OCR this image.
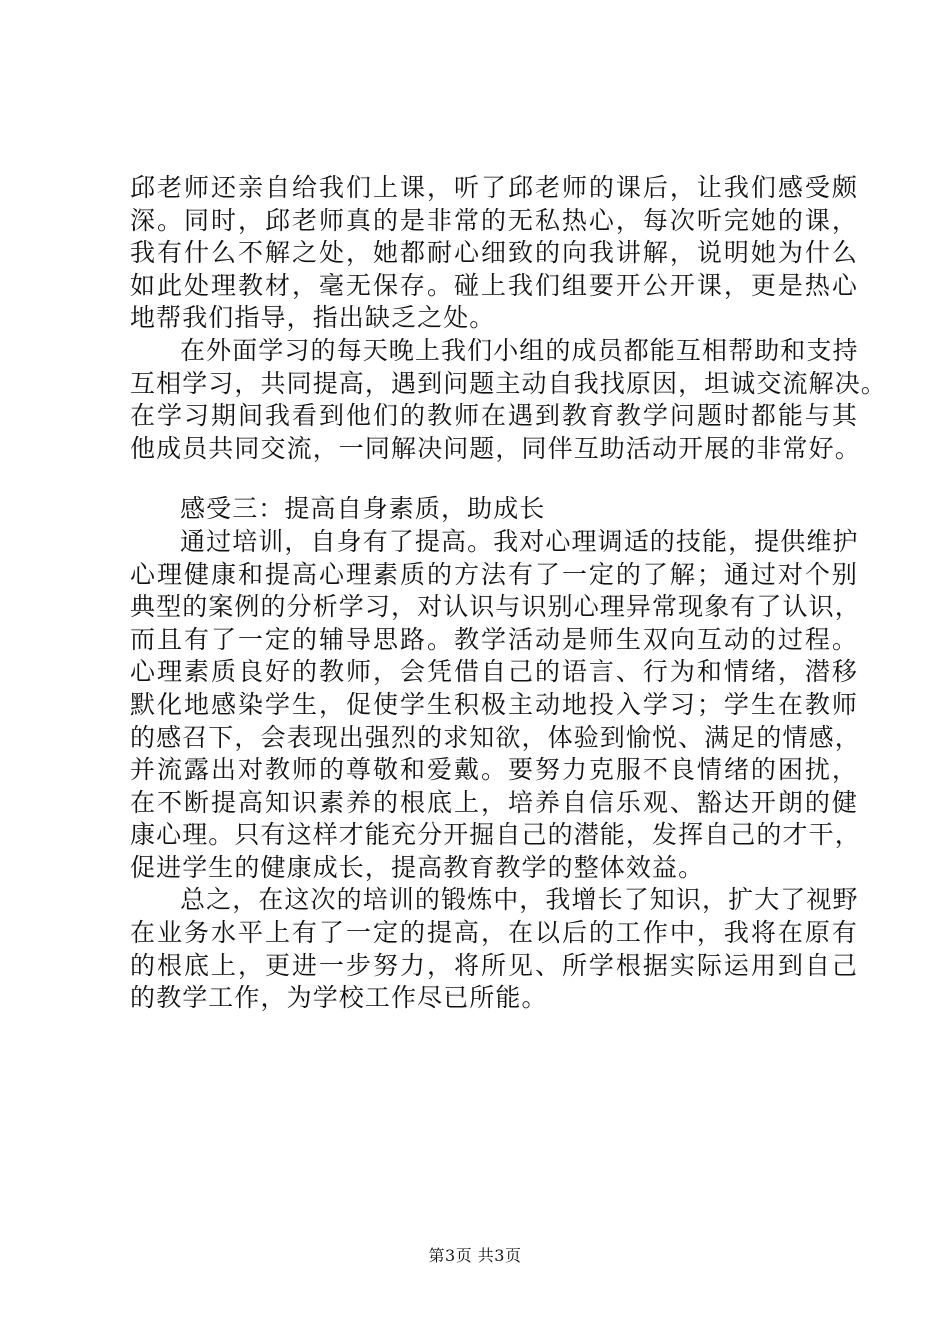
邱老师还亲自给我们上课，听了邱老师的课后，让我们感受颇
深。同时，邱老师真的是非常的无私热心，每次听完她的课，
我有什么不解之处，她都耐心细致的向我讲解，说明她为什么
如此处理教材，毫无保存。碰上我们组要开公开课，更是热心
地帮我们指导，指出缺乏之处。
在外面学习的每天晚上我们小组的成员都能互相帮助和支持
互相学习，共同提高，遇到问题主动自我找原因，坦诚交流解决。
在学习期间我看到他们的教师在遇到教育教学问题时都能与其
他成员共同交流，一同解决问题，同伴互助活动开展的非常好。
感受三：提高自身素质，助成长
通过培训，自身有了提高。我对心理调适的技能，提供维护
心理健康和提高心理素质的方法有了一定的了解；通过对个别
典型的案例的分析学习，对认识与识别心理异常现象有了认识，
而且有了一定的辅导思路。教学活动是师生双向互动的过程。
心理素质良好的教师，会凭借自己的语言、行为和情绪，潜移
默化地感染学生，促使学生积极主动地投入学习；学生在教师
的感召下，会表现出强烈的求知欲，体验到愉悦、满足的情感，
并流露出对教师的尊敬和爱戴。要努力克服不良情绪的困扰，
在不断提高知识素养的根底上，培养自信乐观、豁达开朗的健
康心理。只有这样才能充分开掘自己的潜能，发挥自己的才干，
促进学生的健康成长，提高教育教学的整体效益。
总之，在这次的培训的锻炼中，我增长了知识，扩大了视野
在业务水平上有了一定的提高，在以后的工作中，我将在原有
的根底上，更进一步努力，将所见、所学根据实际运用到自己
的教学工作，为学校工作尽已所能。
第3页 共3页
